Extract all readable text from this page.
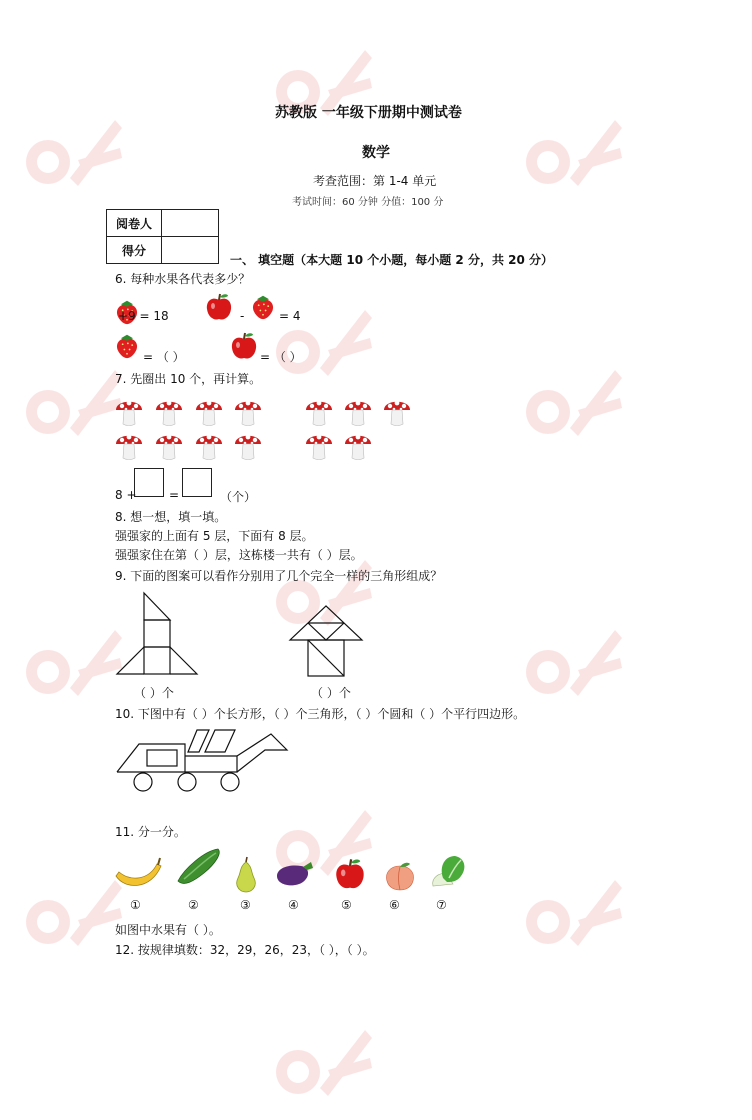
苏教版 一年级下册期中测试卷
数学
考查范围：第 1-4 单元
考试时间：60 分钟 分值：100 分
阅卷人	
得分	
一、 填空题（本大题 10 个小题，每小题 2 分，共 20 分）
6. 每种水果各代表多少？
+9 = 18	-	= 4
= （ ）	= （ ）
7. 先圈出 10 个，再计算。
8 +	=	（个）
8. 想一想，填一填。
强强家的上面有 5 层，下面有 8 层。
强强家住在第（ ）层，这栋楼一共有（ ）层。
9. 下面的图案可以看作分别用了几个完全一样的三角形组成？
（ ）个	（ ）个
10. 下图中有（ ）个长方形，（ ）个三角形，（ ）个圆和（ ）个平行四边形。
11. 分一分。
①	②	③	④	⑤	⑥	⑦
如图中水果有（ ）。
12. 按规律填数：32，29，26，23，（ ），（ ）。
